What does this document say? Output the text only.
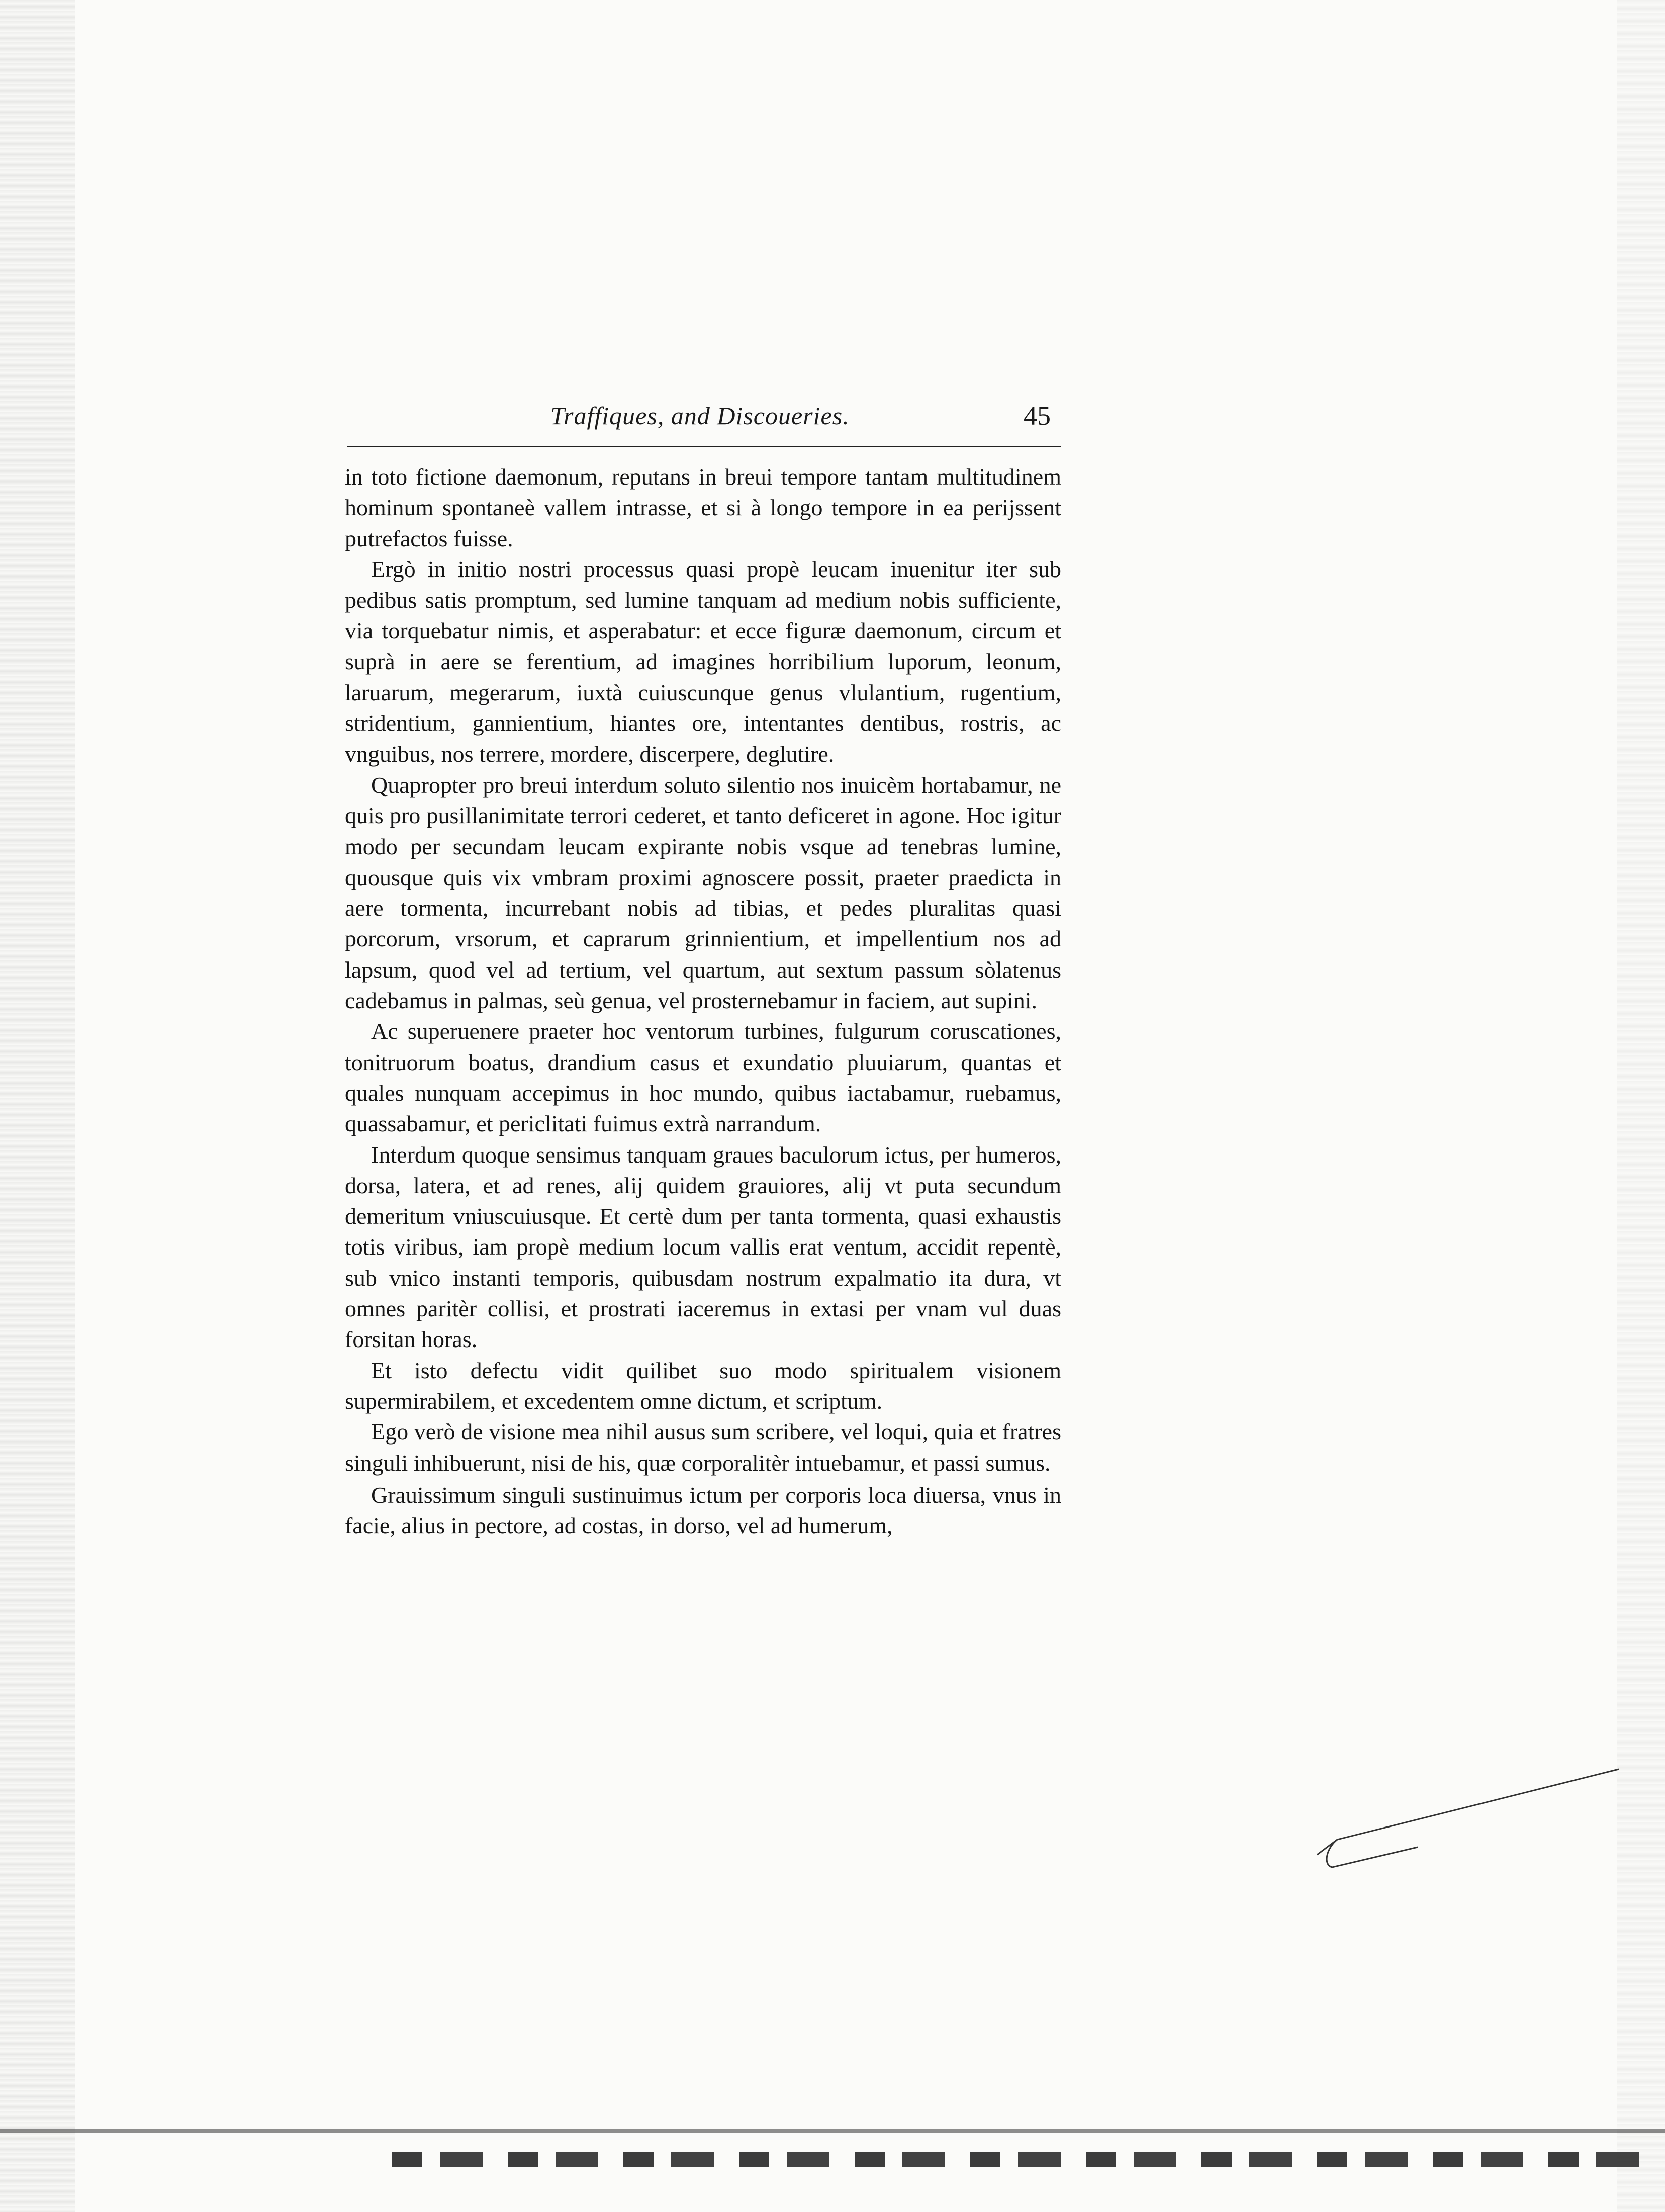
Traffiques, and Discoueries.	45

in toto fictione daemonum, reputans in breui tempore tantam multitudinem hominum spontaneè vallem intrasse, et si à longo tempore in ea perijssent putrefactos fuisse.

Ergò in initio nostri processus quasi propè leucam inuenitur iter sub pedibus satis promptum, sed lumine tanquam ad medium nobis sufficiente, via torquebatur nimis, et asperabatur: et ecce figuræ daemonum, circum et suprà in aere se ferentium, ad imagines horribilium luporum, leonum, laruarum, megerarum, iuxtà cuiuscunque genus vlulantium, rugentium, stridentium, gannientium, hiantes ore, intentantes dentibus, rostris, ac vnguibus, nos terrere, mordere, discerpere, deglutire.

Quapropter pro breui interdum soluto silentio nos inuicèm hortabamur, ne quis pro pusillanimitate terrori cederet, et tanto deficeret in agone. Hoc igitur modo per secundam leucam expirante nobis vsque ad tenebras lumine, quousque quis vix vmbram proximi agnoscere possit, praeter praedicta in aere tormenta, incurrebant nobis ad tibias, et pedes pluralitas quasi porcorum, vrsorum, et caprarum grinnientium, et impellentium nos ad lapsum, quod vel ad tertium, vel quartum, aut sextum passum sòlatenus cadebamus in palmas, seù genua, vel prosternebamur in faciem, aut supini.

Ac superuenere praeter hoc ventorum turbines, fulgurum coruscationes, tonitruorum boatus, drandium casus et exundatio pluuiarum, quantas et quales nunquam accepimus in hoc mundo, quibus iactabamur, ruebamus, quassabamur, et periclitati fuimus extrà narrandum.

Interdum quoque sensimus tanquam graues baculorum ictus, per humeros, dorsa, latera, et ad renes, alij quidem grauiores, alij vt puta secundum demeritum vniuscuiusque. Et certè dum per tanta tormenta, quasi exhaustis totis viribus, iam propè medium locum vallis erat ventum, accidit repentè, sub vnico instanti temporis, quibusdam nostrum expalmatio ita dura, vt omnes paritèr collisi, et prostrati iaceremus in extasi per vnam vul duas forsitan horas.

Et isto defectu vidit quilibet suo modo spiritualem visionem supermirabilem, et excedentem omne dictum, et scriptum.

Ego verò de visione mea nihil ausus sum scribere, vel loqui, quia et fratres singuli inhibuerunt, nisi de his, quæ corporalitèr intuebamur, et passi sumus.

Grauissimum singuli sustinuimus ictum per corporis loca diuersa, vnus in facie, alius in pectore, ad costas, in dorso, vel ad humerum,
